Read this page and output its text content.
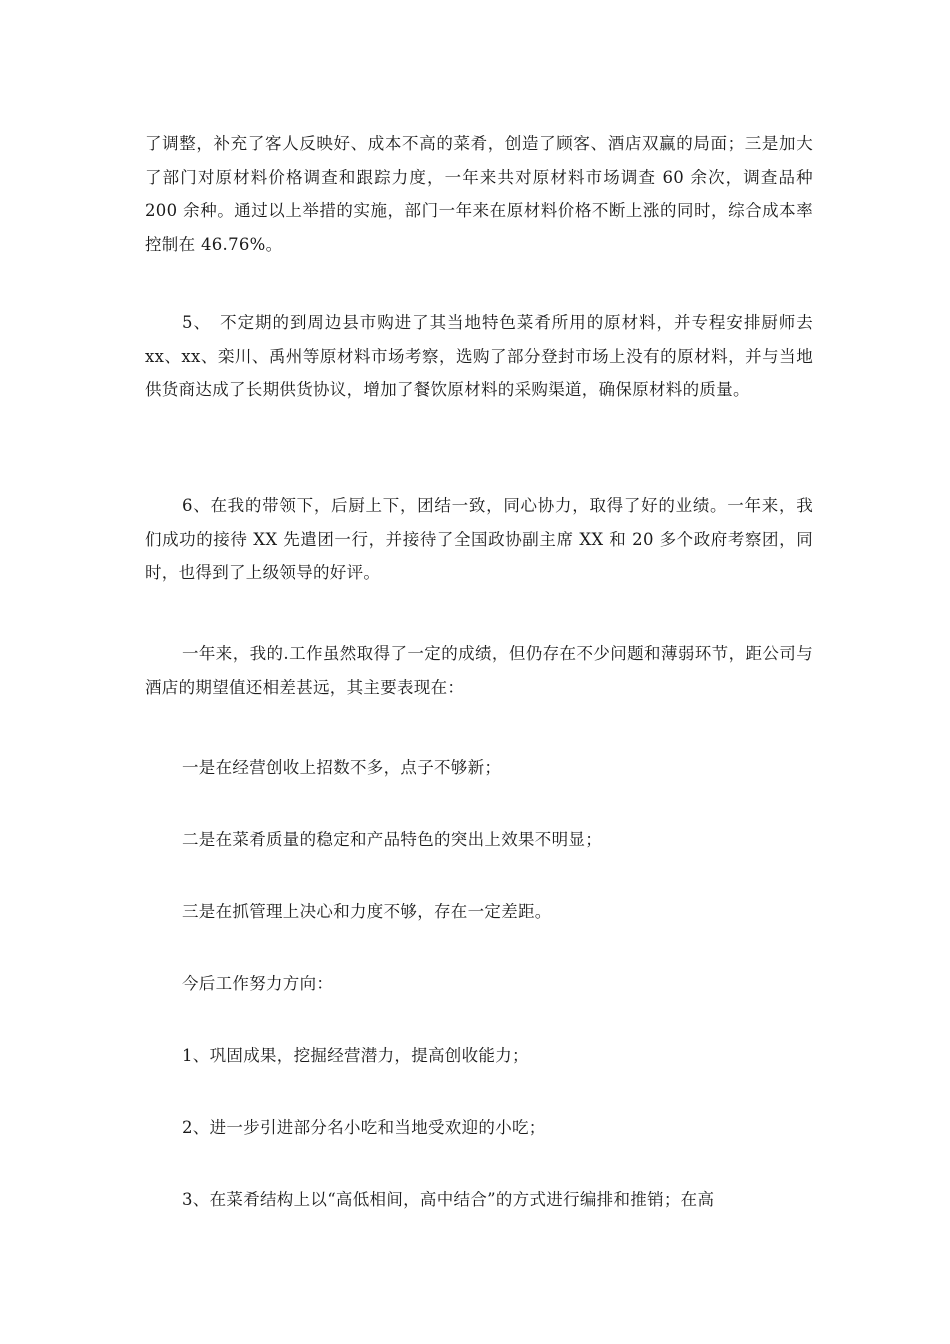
了调整，补充了客人反映好、成本不高的菜肴，创造了顾客、酒店双赢的局面；三是加大了部门对原材料价格调查和跟踪力度，一年来共对原材料市场调查 60 余次，调查品种 200 余种。通过以上举措的实施，部门一年来在原材料价格不断上涨的同时，综合成本率控制在 46.76%。

5、　不定期的到周边县市购进了其当地特色菜肴所用的原材料，并专程安排厨师去 xx、xx、栾川、禹州等原材料市场考察，选购了部分登封市场上没有的原材料，并与当地供货商达成了长期供货协议，增加了餐饮原材料的采购渠道，确保原材料的质量。

6、在我的带领下，后厨上下，团结一致，同心协力，取得了好的业绩。一年来，我们成功的接待 XX 先遣团一行，并接待了全国政协副主席 XX 和 20 多个政府考察团，同时，也得到了上级领导的好评。

一年来，我的.工作虽然取得了一定的成绩，但仍存在不少问题和薄弱环节，距公司与酒店的期望值还相差甚远，其主要表现在：

一是在经营创收上招数不多，点子不够新；

二是在菜肴质量的稳定和产品特色的突出上效果不明显；

三是在抓管理上决心和力度不够，存在一定差距。

今后工作努力方向：

1、巩固成果，挖掘经营潜力，提高创收能力；

2、进一步引进部分名小吃和当地受欢迎的小吃；

3、在菜肴结构上以“高低相间，高中结合”的方式进行编排和推销；在高
